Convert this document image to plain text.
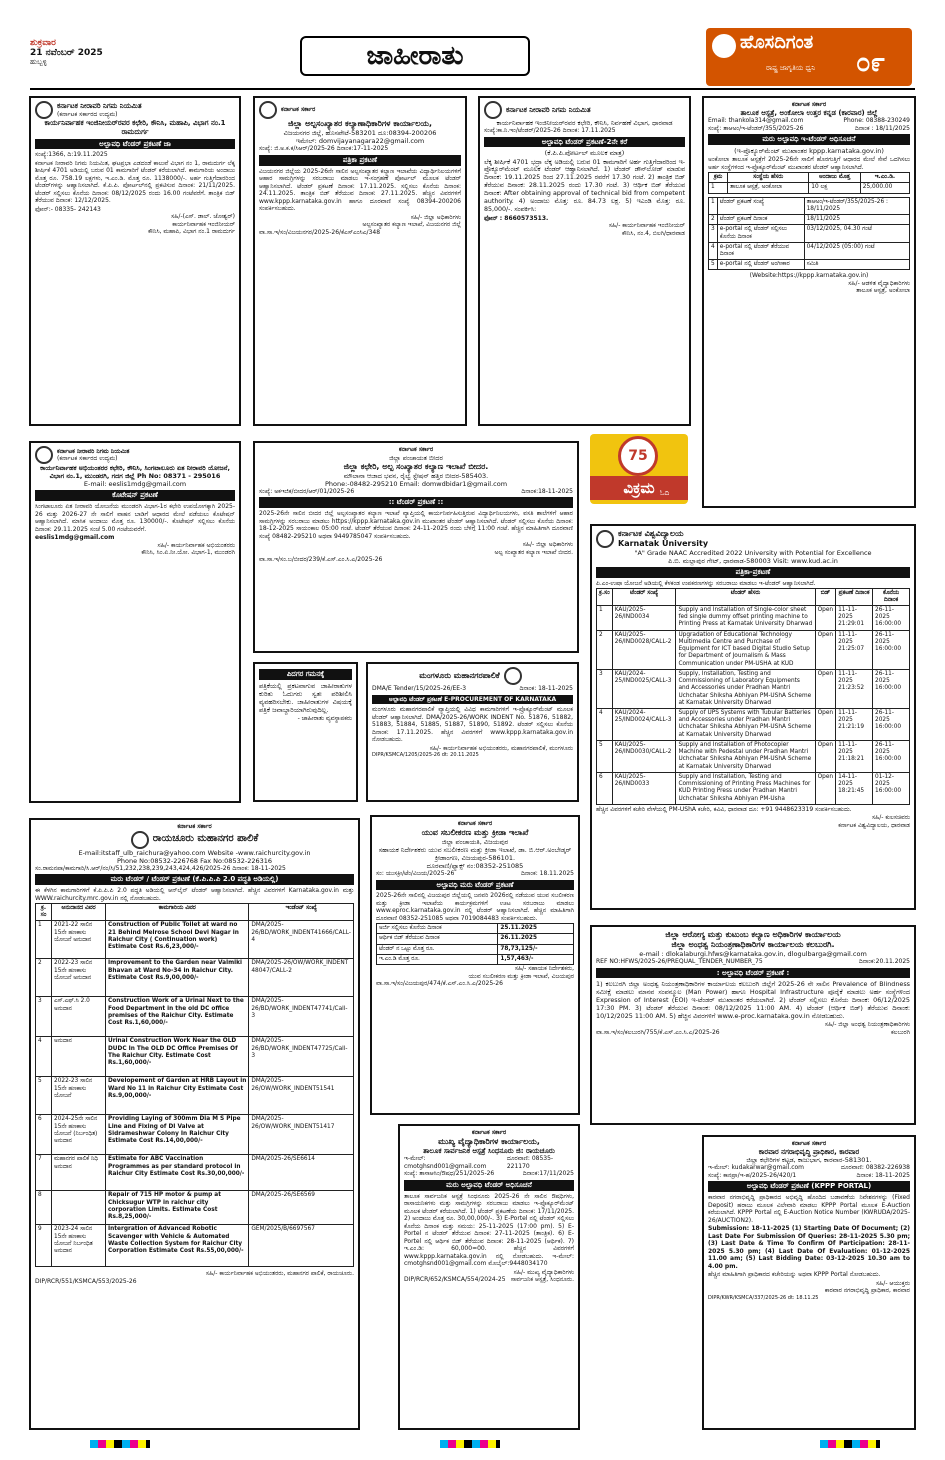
ಶುಕ್ರವಾರ
21 ನವೆಂಬರ್ 2025
ಹುಬ್ಬಳ್ಳಿ	ಜಾಹೀರಾತು	ಹೊಸದಿಗಂತ
೦೯
ರಾಷ್ಟ್ರ ಜಾಗೃತಿಯ ಧ್ವನಿ
ಕರ್ನಾಟಕ ನೀರಾವರಿ ನಿಗಮ ನಿಯಮಿತ
(ಕರ್ನಾಟಕ ಸರ್ಕಾರದ ಉದ್ಯಮ)
ಕಾರ್ಯನಿರ್ವಾಹಕ ಇಂಜಿನೀಯರ್‌ರವರ ಕಛೇರಿ, ಕೌನಿಸಿ, ಮಹಾಪಿ, ವಿಭಾಗ ನಂ.1 ರಾಮದುರ್ಗ
ಅಲ್ಪಾವಧಿ ಟೆಂಡರ್ ಪ್ರಕಟಣೆ ಜಾ
ಸಂಖ್ಯೆ:1366, ದಿ:19.11.2025

ಕರ್ನಾಟಕ ನೀರಾವರಿ ನಿಗಮ ನಿಯಮಿತ, ಘಟಪ್ರಭಾ ಎಡದಂಡೆ ಕಾಲುವೆ ವಿಭಾಗ ನಂ 1, ರಾಮದುರ್ಗ ಲೆಕ್ಕ ಶೀರ್ಷಿಕೆ 4701 ಅಡಿಯಲ್ಲಿ ಬರುವ 01 ಕಾಮಗಾರಿಗೆ ಟೆಂಡರ್ ಕರೆಯಲಾಗಿದೆ. ಕಾಮಗಾರಿಯ ಅಂದಾಜು ಮೊತ್ತ ರೂ. 758.19 ಲಕ್ಷಗಳು, ಇ.ಎಂ.ಡಿ. ಮೊತ್ತ ರೂ. 1138000/-. ಅರ್ಹ ಗುತ್ತಿಗೆದಾರರಿಂದ ಟೆಂಡರ್‌ಗಳನ್ನು ಆಹ್ವಾನಿಸಲಾಗಿದೆ. ಕೆ.ಪಿ.ಪಿ. ಪೋರ್ಟಲ್‌ನಲ್ಲಿ ಪ್ರಕಟಿಸುವ ದಿನಾಂಕ: 21/11/2025. ಟೆಂಡರ್ ಸಲ್ಲಿಸಲು ಕೊನೆಯ ದಿನಾಂಕ: 08/12/2025 ರಂದು 16.00 ಗಂಟೆವರೆಗೆ. ತಾಂತ್ರಿಕ ಬಿಡ್ ತೆರೆಯುವ ದಿನಾಂಕ: 12/12/2025.

ಫೋನ್:- 08335- 242143
ಸಹಿ/-(ಎಸ್. ಡಾಲ್. ಜೋಶ್ವರ್)
ಕಾರ್ಯನಿರ್ವಾಹಕ ಇಂಜಿನೀಯರ್
ಕೌನಿಸಿ, ಮಹಾಪಿ, ವಿಭಾಗ ನಂ.1 ರಾಮದುರ್ಗ
ಕರ್ನಾಟಕ ಸರ್ಕಾರ
ಜಿಲ್ಲಾ ಅಲ್ಪಸಂಖ್ಯಾತರ ಕಲ್ಯಾಣಾಧಿಕಾರಿಗಳ ಕಾರ್ಯಾಲಯ,
ವಿಜಯನಗರ ಜಿಲ್ಲೆ, ಹೊಸಪೇಟೆ-583201 ದೂ:08394-200206
ಇಮೇಲ್: domvijayanagara22@gmail.com
ಸಂಖ್ಯೆ: ಜಿ.ಅ.ಕ.ಕ/ಸಿಆರ್/2025-26 ದಿನಾಂಕ:17-11-2025
ಪತ್ರಿಕಾ ಪ್ರಕಟಣೆ

ವಿಜಯನಗರ ಜಿಲ್ಲೆಯ 2025-26ನೇ ಸಾಲಿನ ಅಲ್ಪಸಂಖ್ಯಾತರ ಕಲ್ಯಾಣ ಇಲಾಖೆಯ ವಿದ್ಯಾರ್ಥಿನಿಲಯಗಳಿಗೆ ಆಹಾರ ಸಾಮಗ್ರಿಗಳನ್ನು ಸರಬರಾಜು ಮಾಡಲು ಇ-ಸಂಗ್ರಹಣೆ ಪೋರ್ಟಲ್ ಮೂಲಕ ಟೆಂಡರ್ ಆಹ್ವಾನಿಸಲಾಗಿದೆ. ಟೆಂಡರ್ ಪ್ರಕಟಣೆ ದಿನಾಂಕ: 17.11.2025. ಸಲ್ಲಿಸಲು ಕೊನೆಯ ದಿನಾಂಕ: 24.11.2025. ತಾಂತ್ರಿಕ ಬಿಡ್ ತೆರೆಯುವ ದಿನಾಂಕ: 27.11.2025. ಹೆಚ್ಚಿನ ವಿವರಗಳಿಗೆ www.kppp.karnataka.gov.in ಹಾಗೂ ದೂರವಾಣಿ ಸಂಖ್ಯೆ 08394-200206 ಸಂಪರ್ಕಿಸಬಹುದು.

ಸಹಿ/- ಜಿಲ್ಲಾ ಅಧಿಕಾರಿಗಳು
ಅಲ್ಪಸಂಖ್ಯಾತರ ಕಲ್ಯಾಣ ಇಲಾಖೆ, ವಿಜಯನಗರ ಜಿಲ್ಲೆ
ವಾ.ಸಾ.ಇ/ಸಂ/ವಿಜಯನಗರ/2025-26/ಕೆಎಸ್ಎಂಸಿಎ/348
ಕರ್ನಾಟಕ ನೀರಾವರಿ ನಿಗಮ ನಿಯಮಿತ
ಕಾರ್ಯನಿರ್ವಾಹಕ ಇಂಜಿನೀಯರ್‌ರವರ ಕಛೇರಿ, ಕೌನಿಸಿ, ನಿರ್ವಹಣೆ ವಿಭಾಗ, ಧಾರವಾಡ
ಸಂಖ್ಯೆ:ಕಾ.ನಿ.ಇಂ/ಟೆಂಡರ್/2025-26 ದಿನಾಂಕ: 17.11.2025
ಅಲ್ಪಾವಧಿ ಟೆಂಡರ್ ಪ್ರಕಟಣೆ-2ನೇ ಕರೆ
(ಕೆ.ಪಿ.ಪಿ.ಪೋರ್ಟಲ್ ಮೂಲಕ ಮಾತ್ರ)

ಲೆಕ್ಕ ಶೀರ್ಷಿಕೆ 4701 ಭದ್ರಾ ಲೆಕ್ಕ ಅಡಿಯಲ್ಲಿ ಬರುವ 01 ಕಾಮಗಾರಿಗೆ ಅರ್ಹ ಗುತ್ತಿಗೆದಾರರಿಂದ ಇ-ಪ್ರೊಕ್ಯೂರ್‌ಮೆಂಟ್ ಮೂಲಕ ಟೆಂಡರ್ ಆಹ್ವಾನಿಸಲಾಗಿದೆ. 1) ಟೆಂಡರ್ ಡೌನ್‌ಲೋಡ್ ಮಾಡುವ ದಿನಾಂಕ: 19.11.2025 ರಿಂದ 27.11.2025 ರವರೆಗೆ 17.30 ಗಂಟೆ. 2) ತಾಂತ್ರಿಕ ಬಿಡ್ ತೆರೆಯುವ ದಿನಾಂಕ: 28.11.2025 ರಂದು 17.30 ಗಂಟೆ. 3) ಆರ್ಥಿಕ ಬಿಡ್ ತೆರೆಯುವ ದಿನಾಂಕ: After obtaining approval of technical bid from competent authority. 4) ಅಂದಾಜು ಮೊತ್ತ: ರೂ. 84.73 ಲಕ್ಷ. 5) ಇಎಂಡಿ ಮೊತ್ತ: ರೂ. 85,000/-. ಸಂಪರ್ಕಿಸಿ:

ಫೋನ್ : 8660573513.
ಸಹಿ/- ಕಾರ್ಯನಿರ್ವಾಹಕ ಇಂಜಿನೀಯರ್
ಕೌನಿಸಿ, ನಂ.4, ಬಿಲಗಿ/ಧಾರವಾಡ
ಕರ್ನಾಟಕ ಸರ್ಕಾರ
ತಾಲೂಕ ಆಸ್ಪತ್ರೆ, ಅಂಕೋಲಾ ಉತ್ತರ ಕನ್ನಡ (ಕಾರವಾರ) ಜಿಲ್ಲೆ
Email: thankola314@gmail.com	Phone: 08388-230249
ಸಂಖ್ಯೆ: ತಾಆಅಂ/ಇ-ಟೆಂಡರ್/355/2025-26	ದಿನಾಂಕ : 18/11/2025
ಮರು ಅಲ್ಪಾವಧಿ ಇ-ಟೆಂಡರ್ ಅಧಿಸೂಚನೆ
(ಇ-ಪ್ರೊಕ್ಯೂರ್‌ಮೆಂಟ್ ಮುಖಾಂತರ kppp.karnataka.gov.in)

ಅಂಕೋಲಾ ತಾಲೂಕ ಆಸ್ಪತ್ರೆಗೆ 2025-26ನೇ ಸಾಲಿಗೆ ಹೊರಗುತ್ತಿಗೆ ಆಧಾರದ ಮೇಲೆ ಸೇವೆ ಒದಗಿಸಲು ಅರ್ಹ ಸಂಸ್ಥೆಗಳಿಂದ ಇ-ಪ್ರೊಕ್ಯೂರ್‌ಮೆಂಟ್ ಮುಖಾಂತರ ಟೆಂಡರ್ ಆಹ್ವಾನಿಸಲಾಗಿದೆ.

ಕ್ರಮ	ಸಂಸ್ಥೆಯ ಹೆಸರು	ಅಂದಾಜು ಮೊತ್ತ	ಇ.ಎಂ.ಡಿ.
1	ತಾಲೂಕ ಆಸ್ಪತ್ರೆ, ಅಂಕೋಲಾ	10 ಲಕ್ಷ	25,000.00
1	ಟೆಂಡರ್ ಪ್ರಕಟಣೆ ಸಂಖ್ಯೆ	ತಾಆಅಂ/ಇ-ಟೆಂಡರ್/355/2025-26 : 18/11/2025
2	ಟೆಂಡರ್ ಪ್ರಕಟಣೆ ದಿನಾಂಕ	18/11/2025
3	e-portal ನಲ್ಲಿ ಟೆಂಡರ್ ಸಲ್ಲಿಸಲು ಕೊನೆಯ ದಿನಾಂಕ	03/12/2025, 04.30 ಗಂಟೆ
4	e-portal ನಲ್ಲಿ ಟೆಂಡರ್ ತೆರೆಯುವ ದಿನಾಂಕ	04/12/2025 (05:00) ಗಂಟೆ
5	e-portal ನಲ್ಲಿ ಟೆಂಡರ್ ಅಂಗೀಕಾರ	ಸಮಿತಿ
(Website:https://kppp.karnataka.gov.in)
ಸಹಿ/- ಆಡಳಿತ ವೈದ್ಯಾಧಿಕಾರಿಗಳು
ತಾಲೂಕ ಆಸ್ಪತ್ರೆ, ಅಂಕೋಲಾ
75
ವಿಕ್ರಮ ಓದಿ
ಕರ್ನಾಟಕ ನೀರಾವರಿ ನಿಗಮ ನಿಯಮಿತ
(ಕರ್ನಾಟಕ ಸರ್ಕಾರದ ಉದ್ಯಮ)
ಕಾರ್ಯನಿರ್ವಾಹಕ ಅಭಿಯಂತರರ ಕಛೇರಿ, ಕೌನಿಸಿ, ಸಿಂಗಟಾಲೂರು ಏತ ನೀರಾವರಿ ಯೋಜನೆ, ವಿಭಾಗ ನಂ.1, ಮುಂಡರಗಿ, ಗದಗ ಜಿಲ್ಲೆ Ph No: 08371 - 295016
E-mail: eeslis1mdg@gmail.com
ಕೊಟೇಷನ್ ಪ್ರಕಟಣೆ

ಸಿಂಗಟಾಲೂರು ಏತ ನೀರಾವರಿ ಯೋಜನೆಯ ಮುಂಡರಗಿ ವಿಭಾಗ-1ರ ಕಛೇರಿ ಉಪಯೋಗಕ್ಕಾಗಿ 2025-26 ಮತ್ತು 2026-27 ನೇ ಸಾಲಿಗೆ ವಾಹನ ಬಾಡಿಗೆ ಆಧಾರದ ಮೇಲೆ ಪಡೆಯಲು ಕೊಟೇಷನ್ ಆಹ್ವಾನಿಸಲಾಗಿದೆ. ಮಾಸಿಕ ಅಂದಾಜು ಮೊತ್ತ ರೂ. 130000/-. ಕೊಟೇಷನ್ ಸಲ್ಲಿಸಲು ಕೊನೆಯ ದಿನಾಂಕ: 29.11.2025 ಸಂಜೆ 5.00 ಗಂಟೆಯವರೆಗೆ.

eeslis1mdg@gmail.com
ಸಹಿ/- ಕಾರ್ಯನಿರ್ವಾಹಕ ಅಭಿಯಂತರರು
ಕೌನಿಸಿ, ಸಿಂ.ಏ.ನೀ.ಯೋ. ವಿಭಾಗ-1, ಮುಂಡರಗಿ
ಕರ್ನಾಟಕ ಸರ್ಕಾರ
ಜಿಲ್ಲಾ ಪಂಚಾಯತ ಬೀದರ
ಜಿಲ್ಲಾ ಕಛೇರಿ, ಅಲ್ಪ ಸಂಖ್ಯಾತರ ಕಲ್ಯಾಣ ಇಲಾಖೆ ಬೀದರ.
ಮೌಲಾನಾ ಆಜಾದ ಭವನ, ರೈಲ್ವೆ ಸ್ಟೇಷನ್ ಹತ್ತಿರ ಬೀದರ-585403.
Phone:-08482-295210 Email: domwdbidar1@gmail.com
ಸಂಖ್ಯೆ: ಅಕಇಜಿಕ/ಬೀದರ/ಆರ್/01/2025-26	ದಿನಾಂಕ:18-11-2025
:: ಟೆಂಡರ್ ಪ್ರಕಟಣೆ ::

2025-26ನೇ ಸಾಲಿನ ಬೀದರ ಜಿಲ್ಲೆ ಅಲ್ಪಸಂಖ್ಯಾತರ ಕಲ್ಯಾಣ ಇಲಾಖೆ ವ್ಯಾಪ್ತಿಯಲ್ಲಿ ಕಾರ್ಯನಿರ್ವಹಿಸುತ್ತಿರುವ ವಿದ್ಯಾರ್ಥಿನಿಲಯಗಳು, ವಸತಿ ಶಾಲೆಗಳಿಗೆ ಆಹಾರ ಸಾಮಗ್ರಿಗಳನ್ನು ಸರಬರಾಜು ಮಾಡಲು https://kppp.karnataka.gov.in ಮುಖಾಂತರ ಟೆಂಡರ್ ಆಹ್ವಾನಿಸಲಾಗಿದೆ. ಟೆಂಡರ್ ಸಲ್ಲಿಸಲು ಕೊನೆಯ ದಿನಾಂಕ: 18-12-2025 ಸಾಯಂಕಾಲ 05:00 ಗಂಟೆ. ಟೆಂಡರ್ ತೆರೆಯುವ ದಿನಾಂಕ: 24-11-2025 ರಂದು ಬೆಳಿಗ್ಗೆ 11:00 ಗಂಟೆ. ಹೆಚ್ಚಿನ ಮಾಹಿತಿಗಾಗಿ ದೂರವಾಣಿ ಸಂಖ್ಯೆ 08482-295210 ಅಥವಾ 9449785047 ಸಂಪರ್ಕಿಸಬಹುದು.

ಸಹಿ/- ಜಿಲ್ಲಾ ಅಧಿಕಾರಿಗಳು
ಅಲ್ಪ ಸಂಖ್ಯಾತರ ಕಲ್ಯಾಣ ಇಲಾಖೆ ಬೀದರ.
ವಾ.ಸಾ.ಇ/ಸಂ.ಬ/ಬೀದರ/239/ಕೆ.ಎಸ್.ಎಂ.ಸಿ.ಎ/2025-26
ಕರ್ನಾಟಕ ವಿಶ್ವವಿದ್ಯಾಲಯ
Karnatak University
"A" Grade NAAC Accredited 2022 University with Potential for Excellence
ಪಿ.ಬಿ. ಮಲ್ಲಾಪುರ ಗೇಟ್, ಧಾರವಾಡ-580003 Visit: www.kud.ac.in
ಪತ್ರಿಕಾ-ಪ್ರಕಟಣೆ
ಪಿ.ಎಂ-ಉಷಾ ಯೋಜನೆ ಅಡಿಯಲ್ಲಿ ಕೆಳಕಂಡ ಉಪಕರಣಗಳನ್ನು ಸರಬರಾಜು ಮಾಡಲು ಇ-ಟೆಂಡರ್ ಆಹ್ವಾನಿಸಲಾಗಿದೆ.
ಕ್ರ.ಸಂ	ಟೆಂಡರ್ ಸಂಖ್ಯೆ	ಟೆಂಡರ್ ಹೆಸರು	ಬಿಡ್	ಪ್ರಕಟಣೆ ದಿನಾಂಕ	ಕೊನೆಯ ದಿನಾಂಕ
1	KAU/2025-26/IND0034	Supply and Installation of Single-color sheet fed single dummy offset printing machine to Printing Press at Karnatak University Dharwad	Open	11-11-2025 21:29:01	26-11-2025 16:00:00
2	KAU/2025-26/IND0028/CALL-2	Upgradation of Educational Technology Multimedia Centre and Purchase of Equipment for ICT based Digital Studio Setup for Department of Journalism & Mass Communication under PM-USHA at KUD	Open	11-11-2025 21:25:07	26-11-2025 16:00:00
3	KAU/2024-25/IND0025/CALL-3	Supply, Installation, Testing and Commissioning of Laboratory Equipments and Accessories under Pradhan Mantri Uchchatar Shiksha Abhiyan PM-UShA Scheme at Karnatak University Dharwad	Open	11-11-2025 21:23:52	26-11-2025 16:00:00
4	KAU/2024-25/IND0024/CALL-3	Supply of UPS Systems with Tubular Batteries and Accessories under Pradhan Mantri Uchchatar Shiksha Abhiyan PM-UShA Scheme at Karnatak University Dharwad	Open	11-11-2025 21:21:19	26-11-2025 16:00:00
5	KAU/2025-26/IND0030/CALL-2	Supply and Installation of Photocopier Machine with Pedestal under Pradhan Mantri Uchchatar Shiksha Abhiyan PM-UShA Scheme at Karnatak University Dharwad	Open	11-11-2025 21:18:21	26-11-2025 16:00:00
6	KAU/2025-26/IND0033	Supply and Installation, Testing and Commissioning of Printing Press Machines for KUD Printing Press under Pradhan Mantri Uchchatar Shiksha Abhiyan PM-Usha	Open	14-11-2025 18:21:45	01-12-2025 16:00:00

ಹೆಚ್ಚಿನ ವಿವರಗಳಿಗೆ ಕಚೇರಿ ವೇಳೆಯಲ್ಲಿ PM-UShA ಕಚೇರಿ, ಕವಿವಿ, ಧಾರವಾಡ ದೂ: +91 9448623319 ಸಂಪರ್ಕಿಸಬಹುದು.

ಸಹಿ/- ಕುಲಸಚಿವರು
ಕರ್ನಾಟಕ ವಿಶ್ವವಿದ್ಯಾಲಯ, ಧಾರವಾಡ
ಪಿದಗರ ಗಮನಕ್ಕೆ

ಪತ್ರಿಕೆಯಲ್ಲಿ ಪ್ರಕಟವಾಗುವ ಜಾಹೀರಾತುಗಳ ಕುರಿತು ಓದುಗರು ಸ್ವತಃ ಪರಿಶೀಲಿಸಿ ವ್ಯವಹರಿಸಬೇಕು. ಜಾಹೀರಾತುಗಳ ವಿಷಯಕ್ಕೆ ಪತ್ರಿಕೆ ಜವಾಬ್ದಾರಿಯಾಗಿರುವುದಿಲ್ಲ.

- ಜಾಹೀರಾತು ವ್ಯವಸ್ಥಾಪಕರು
ಮಂಗಳೂರು ಮಹಾನಗರಪಾಲಿಕೆ
DMA/E Tender/15/2025-26/EE-3	ದಿನಾಂಕ: 18-11-2025
ಅಲ್ಪಾವಧಿ ಟೆಂಡರ್ ಪ್ರಕಟಣೆ E-PROCUREMENT OF KARNATAKA

ಮಂಗಳೂರು ಮಹಾನಗರಪಾಲಿಕೆ ವ್ಯಾಪ್ತಿಯಲ್ಲಿ ವಿವಿಧ ಕಾಮಗಾರಿಗಳಿಗೆ ಇ-ಪ್ರೊಕ್ಯೂರ್‌ಮೆಂಟ್ ಮೂಲಕ ಟೆಂಡರ್ ಆಹ್ವಾನಿಸಲಾಗಿದೆ. DMA/2025-26/WORK INDENT No. 51876, 51882, 51883, 51884, 51885, 51887, 51890, 51892. ಟೆಂಡರ್ ಸಲ್ಲಿಸಲು ಕೊನೆಯ ದಿನಾಂಕ: 17.11.2025. ಹೆಚ್ಚಿನ ವಿವರಗಳಿಗೆ www.kppp.karnataka.gov.in ನೋಡಬಹುದು.

ಸಹಿ/- ಕಾರ್ಯನಿರ್ವಾಹಕ ಅಭಿಯಂತರರು, ಮಹಾನಗರಪಾಲಿಕೆ, ಮಂಗಳೂರು
DIPR/KSMCA/1205/2025-26 dt: 20.11.2025
ಕರ್ನಾಟಕ ಸರ್ಕಾರ
ರಾಯಚೂರು ಮಹಾನಗರ ಪಾಲಿಕೆ
E-mail:itstaff_ulb_raichura@yahoo.com Website -www.raichurcity.gov.in
Phone No:08532-226768 Fax No:08532-226316
ಸಂ.ರಾಮನಪಾ/ಕಾಮಗಾರಿ/ಸಿ.ಆರ್/ನಂ/ಸಿ/51,232,238,239,243,424,426/2025-26 ದಿನಾಂಕ: 18-11-2025
ಮರು ಟೆಂಡರ್ / ಟೆಂಡರ್ ಪ್ರಕಟಣೆ (ಕೆ.ಪಿ.ಪಿ.ಪಿ 2.0 ಪದ್ಧತಿ ಅಡಿಯಲ್ಲಿ)

ಈ ಕೆಳಗಿನ ಕಾಮಗಾರಿಗಳಿಗೆ ಕೆ.ಪಿ.ಪಿ.ಪಿ 2.0 ಪದ್ಧತಿ ಅಡಿಯಲ್ಲಿ ಆನ್‌ಲೈನ್ ಟೆಂಡರ್ ಆಹ್ವಾನಿಸಲಾಗಿದೆ. ಹೆಚ್ಚಿನ ವಿವರಗಳಿಗೆ Karnataka.gov.in ಮತ್ತು WWW.raichurcity.mrc.gov.in ನಲ್ಲಿ ನೋಡಬಹುದು.

ಕ್ರ. ಸಂ	ಅನುದಾನದ ವಿವರ	ಕಾಮಗಾರಿಯ ವಿವರ	ಇಂಡೆಂಟ್ ಸಂಖ್ಯೆ
1	2021-22 ಸಾಲಿನ 15ನೇ ಹಣಕಾಸು ಯೋಜನೆ ಅನುದಾನ	Construction of Public Toilet at ward no 21 Behind Melrose School Devi Nagar in Raichur City ( Continuation work) Estimate Cost Rs.6,23,000/-	DMA/2025-26/BD/WORK_INDENT41666/CALL-4
2	2022-23 ಸಾಲಿನ 15ನೇ ಹಣಕಾಸು ಯೋಜನೆ ಅನುದಾನ	Improvement to the Garden near Valmiki Bhavan at Ward No-34 in Raichur City. Estimate Cost Rs.9,00,000/-	DMA/2025-26/OW/WORK_INDENT 48047/CALL-2
3	ಎಸ್.ಎಫ್.ಸಿ 2.0 ಅನುದಾನ	Construction Work of a Urinal Next to the Food Department in the old DC office premises of the Raichur City. Estimate Cost Rs.1,60,000/-	DMA/2025-26/BD/WORK_INDENT47741/Call-3
4	ಅನುದಾನ	Urinal Construction Work Near the OLD DUDC In The OLD DC Office Premises Of The Raichur City. Estimate Cost Rs.1,60,000/-	DMA/2025-26/BD/WORK_INDENT47725/Call-3
5	2022-23 ಸಾಲಿನ 15ನೇ ಹಣಕಾಸು ಯೋಜನೆ	Developement of Garden at HRB Layout in Ward No 11 in Raichur City Estimate Cost Rs.9,00,000/-	DMA/2025-26/OW/WORK_INDENT51541
6	2024-25ನೇ ಸಾಲಿನ 15ನೇ ಹಣಕಾಸು ಯೋಜನೆ (ನಿರ್ಬಂಧಿತ) ಅನುದಾನ	Providing Laying of 300mm Dia M S Pipe Line and Fixing of DI Valve at Sidrameshwar Colony In Raichur City Estimate Cost Rs.14,00,000/-	DMA/2025-26/OW/WORK_INDENT51417
7	ಮಹಾನಗರ ಪಾಲಿಕೆ ನಿಧಿ ಅನುದಾನ	Estimate for ABC Vaccination Programmes as per standard protocol in Raichur City Estimate Cost Rs.30,00,000/-	DMA/2025-26/SE6614
8		Repair of 715 HP motor & pump at Chicksugur WTP in raichur city corporation Limits. Estimate Cost Rs.8,25,000/-	DMA/2025-26/SE6569
9	2023-24 ಸಾಲಿನ 15ನೇ ಹಣಕಾಸು ಯೋಜನೆ ನಿರ್ಬಂಧಿತ ಅನುದಾನ	Intergration of Advanced Robotic Scavenger with Vehicle & Automated Waste Collection System for Raichur City Corporation Estimate Cost Rs.55,00,000/-	GEM/2025/B/6697567
ಸಹಿ/- ಕಾರ್ಯನಿರ್ವಾಹಕ ಅಭಿಯಂತರರು, ಮಹಾನಗರ ಪಾಲಿಕೆ, ರಾಯಚೂರು.
DIP/RCR/551/KSMCA/553/2025-26
ಕರ್ನಾಟಕ ಸರ್ಕಾರ
ಯುವ ಸಬಲೀಕರಣ ಮತ್ತು ಕ್ರೀಡಾ ಇಲಾಖೆ
ಜಿಲ್ಲಾ ಪಂಚಾಯತಿ, ವಿಜಯಪುರ
ಸಹಾಯಕ ನಿರ್ದೇಶಕರು ಯುವ ಸಬಲೀಕರಣ ಮತ್ತು ಕ್ರೀಡಾ ಇಲಾಖೆ, ಡಾ. ಬಿ.ಆರ್.ಅಂಬೇಡ್ಕರ್ ಕ್ರೀಡಾಂಗಣ, ವಿಜಯಪುರ-586101.
ದೂರವಾಣಿ/ಫ್ಯಾಕ್ಸ್ ನಂ:08352-251085
ಸಂ: ಯುಸಕ್ರೀ/ಟೆಂ/ವಿಜಯ/2025-26	ದಿನಾಂಕ: 18.11.2025
ಅಲ್ಪಾವಧಿ ಮರು ಟೆಂಡರ್ ಪ್ರಕಟಣೆ

2025-26ನೇ ಸಾಲಿನಲ್ಲಿ ವಿಜಯಪುರ ಜಿಲ್ಲೆಯಲ್ಲಿ ಜನವರಿ 2026ರಲ್ಲಿ ನಡೆಯುವ ಯುವ ಸಬಲೀಕರಣ ಮತ್ತು ಕ್ರೀಡಾ ಇಲಾಖೆಯ ಕಾರ್ಯಕ್ರಮಗಳಿಗೆ ಊಟ ಸರಬರಾಜು ಮಾಡಲು www.eproc.karnataka.gov.in ನಲ್ಲಿ ಟೆಂಡರ್ ಆಹ್ವಾನಿಸಲಾಗಿದೆ. ಹೆಚ್ಚಿನ ಮಾಹಿತಿಗಾಗಿ ದೂರವಾಣಿ 08352-251085 ಅಥವಾ 7019084483 ಸಂಪರ್ಕಿಸಬಹುದು.

ಅರ್ಜಿ ಸಲ್ಲಿಸಲು ಕೊನೆಯ ದಿನಾಂಕ	25.11.2025
ಆರ್ಥಿಕ ಬಿಡ್ ತೆರೆಯುವ ದಿನಾಂಕ	26.11.2025
ಟೆಂಡರ್ ನ ಒಟ್ಟು ಮೊತ್ತ ರೂ.	78,73,125/-
ಇ.ಎಂ.ಡಿ ಮೊತ್ತ ರೂ.	1,57,463/-
ಸಹಿ/- ಸಹಾಯಕ ನಿರ್ದೇಶಕರು,
ಯುವ ಸಬಲೀಕರಣ ಮತ್ತು ಕ್ರೀಡಾ ಇಲಾಖೆ, ವಿಜಯಪುರ
ವಾ.ಸಾ.ಇ/ಸಂ/ವಿಜಯಪುರ/474/ಕೆ.ಎಸ್.ಎಂ.ಸಿ.ಎ/2025-26
ಜಿಲ್ಲಾ ಆರೋಗ್ಯ ಮತ್ತು ಕುಟುಂಬ ಕಲ್ಯಾಣ ಅಧಿಕಾರಿಗಳ ಕಾರ್ಯಾಲಯ
ಜಿಲ್ಲಾ ಅಂಧತ್ವ ನಿಯಂತ್ರಣಾಧಿಕಾರಿಗಳ ಕಾರ್ಯಾಲಯ ಕಲಬುರಗಿ.
e-mail : dlokalaburgi.hfws@karnataka.gov.in, dlogulbarga@gmail.com
REF NO:HFWS/2025-26/PREQUAL_TENDER_NUMBER_75	ದಿನಾಂಕ:20.11.2025
: ಅಲ್ಪಾವಧಿ ಟೆಂಡರ್ ಪ್ರಕಟಣೆ :

1) ಕಲಬುರಗಿ ಜಿಲ್ಲಾ ಅಂಧತ್ವ ನಿಯಂತ್ರಣಾಧಿಕಾರಿಗಳ ಕಾರ್ಯಾಲಯ ಕಲಬುರಗಿ ಜಿಲ್ಲೆಗೆ 2025-26 ನೇ ಸಾಲಿನ Prevalence of Blindness ಸಮೀಕ್ಷೆ ಮಾಡಲು ಮಾನವ ಸಂಪನ್ಮೂಲ (Man Power) ಹಾಗೂ Hospital Infrastructure ಪೂರೈಕೆ ಮಾಡಲು ಅರ್ಹ ಸಂಸ್ಥೆಗಳಿಂದ Expression of Interest (EOI) ಇ-ಟೆಂಡರ್ ಮುಖಾಂತರ ಕರೆಯಲಾಗಿದೆ. 2) ಟೆಂಡರ್ ಸಲ್ಲಿಸಲು ಕೊನೆಯ ದಿನಾಂಕ: 06/12/2025 17:30 PM. 3) ಟೆಂಡರ್ ತೆರೆಯುವ ದಿನಾಂಕ: 08/12/2025 11:00 AM. 4) ಟೆಂಡರ್ (ಆರ್ಥಿಕ ಬಿಡ್) ತೆರೆಯುವ ದಿನಾಂಕ: 10/12/2025 11:00 AM. 5) ಹೆಚ್ಚಿನ ವಿವರಗಳಿಗೆ www.e-proc.karnataka.gov.in ನೋಡಬಹುದು.

ಸಹಿ/- ಜಿಲ್ಲಾ ಅಂಧತ್ವ ನಿಯಂತ್ರಣಾಧಿಕಾರಿಗಳು
ವಾ.ಸಾ.ಇ/ಸಂ/ಕಲಬುರಗಿ/755/ಕೆ.ಎಸ್.ಎಂ.ಸಿ.ಎ/2025-26	ಕಲಬುರಗಿ
ಕರ್ನಾಟಕ ಸರ್ಕಾರ
ಮುಖ್ಯ ವೈದ್ಯಾಧಿಕಾರಿಗಳ ಕಾರ್ಯಾಲಯ,
ತಾಲೂಕ ಸಾರ್ವಜನಿಕ ಆಸ್ಪತ್ರೆ ಸಿಂಧನೂರು ಜಿ: ರಾಯಚೂರು
ಇ-ಮೇಲ್: cmotghsnd001@gmail.com
ದೂರವಾಣಿ: 08535-221170
ಸಂಖ್ಯೆ: ತಾಸಾಆಸಿಂ/ಔಷಧ/251/2025-26	ದಿನಾಂಕ:17/11/2025
ಮರು ಅಲ್ಪಾವಧಿ ಟೆಂಡರ್ ಅಧಿಸೂಚನೆ

ತಾಲೂಕ ಸಾರ್ವಜನಿಕ ಆಸ್ಪತ್ರೆ ಸಿಂಧನೂರು 2025-26 ನೇ ಸಾಲಿನ ಔಷಧಿಗಳು, ರಾಸಾಯನಿಕಗಳು ಮತ್ತು ಸಾಮಗ್ರಿಗಳನ್ನು ಸರಬರಾಜು ಮಾಡಲು ಇ-ಪ್ರೊಕ್ಯೂರ್‌ಮೆಂಟ್ ಮೂಲಕ ಟೆಂಡರ್ ಕರೆಯಲಾಗಿದೆ. 1) ಟೆಂಡರ್ ಪ್ರಕಟಣೆಯ ದಿನಾಂಕ: 17/11/2025. 2) ಅಂದಾಜು ಮೊತ್ತ ರೂ. 30,00,000/-. 3) E-Portel ನಲ್ಲಿ ಟೆಂಡರ್ ಸಲ್ಲಿಸಲು ಕೊನೆಯ ದಿನಾಂಕ ಮತ್ತು ಸಮಯ: 25-11-2025 (17:00 pm). 5) E-Portel ನ ಟೆಂಡರ್ ತೆರೆಯುವ ದಿನಾಂಕ: 27-11-2025 (ತಾಂತ್ರಿಕ). 6) E-Portel ನಲ್ಲಿ ಆರ್ಥಿಕ ಬಿಡ್ ತೆರೆಯುವ ದಿನಾಂಕ: 28-11-2025 (ಆರ್ಥಿಕ). 7) ಇ.ಎಂ.ಡಿ: 60,000=00. ಹೆಚ್ಚಿನ ವಿವರಗಳಿಗೆ www.kppp.karnataka.gov.in ನಲ್ಲಿ ನೋಡಬಹುದು. ಇ-ಮೇಲ್: cmotghsnd001@gmail.com ಮೊಬೈಲ್:9448034170

ಸಹಿ/- ಮುಖ್ಯ ವೈದ್ಯಾಧಿಕಾರಿಗಳು
DIP/RCR/652/KSMCA/554/2024-25 ಸಾರ್ವಜನಿಕ ಆಸ್ಪತ್ರೆ, ಸಿಂಧನೂರು.
ಕರ್ನಾಟಕ ಸರ್ಕಾರ
ಕಾರವಾರ ನಗರಾಭಿವೃದ್ಧಿ ಪ್ರಾಧಿಕಾರ, ಕಾರವಾರ
ಜಿಲ್ಲಾ ಕಛೇರಿಗಳ ಕಟ್ಟಡ, ಕಾಜುಭಾಗ, ಕಾರವಾರ-581301.
ಇ-ಮೇಲ್: kudakarwar@gmail.com	ದೂರವಾಣಿ: 08382-226938
ಸಂಖ್ಯೆ: ಕಾನಪ್ರಾ/ಇ-ಹ/2025-26/420/1	ದಿನಾಂಕ: 18-11-2025
ಅಲ್ಪಾವಧಿ ಟೆಂಡರ್ ಪ್ರಕಟಣೆ (KPPP PORTAL)

ಕಾರವಾರ ನಗರಾಭಿವೃದ್ಧಿ ಪ್ರಾಧಿಕಾರದ ಅಭಿವೃದ್ಧಿ ಹೊಂದಿದ ಬಡಾವಣೆಯ ನಿವೇಶನಗಳನ್ನು (Fixed Deposit) ಹರಾಜು ಮೂಲಕ ವಿಲೇವಾರಿ ಮಾಡಲು KPPP Portal ಮೂಲಕ E-Auction ಕರೆಯಲಾಗಿದೆ. KPPP Portal ನಲ್ಲಿ E-Auction Notice Number (KWRUDA/2025-26/AUCTION2).

Submission: 18-11-2025 (1) Starting Date Of Document; (2) Last Date For Submission Of Queries: 28-11-2025 5.30 pm; (3) Last Date & Time To Confirm Of Participation: 28-11-2025 5.30 pm; (4) Last Date Of Evaluation: 01-12-2025 11.00 am; (5) Last Bidding Date: 03-12-2025 10.30 am to 4.00 pm.

ಹೆಚ್ಚಿನ ಮಾಹಿತಿಗಾಗಿ ಪ್ರಾಧಿಕಾರದ ಕಚೇರಿಯನ್ನು ಅಥವಾ KPPP Portal ನೋಡಬಹುದು.

ಸಹಿ/- ಆಯುಕ್ತರು
ಕಾರವಾರ ನಗರಾಭಿವೃದ್ಧಿ ಪ್ರಾಧಿಕಾರ, ಕಾರವಾರ
DIPR/KWR/KSMCA/337/2025-26 dt: 18.11.25
